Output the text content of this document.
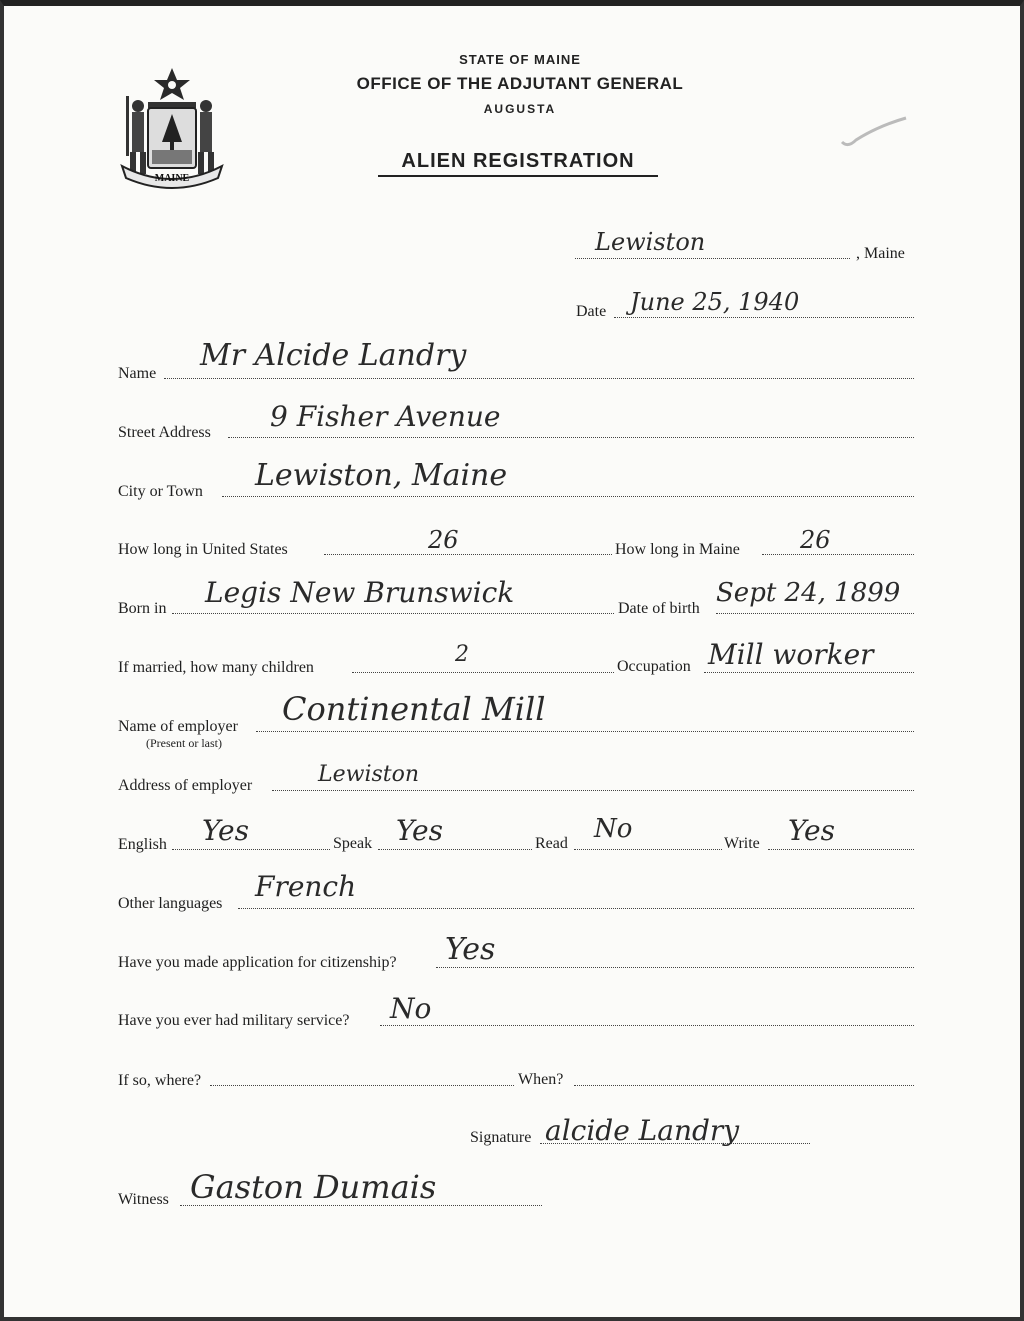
MAINE
STATE OF MAINE
OFFICE OF THE ADJUTANT GENERAL
AUGUSTA
ALIEN REGISTRATION
Lewiston	, Maine
Date June 25, 1940
Name
Mr Alcide Landry
Street Address 9 Fisher Avenue
City or Town Lewiston, Maine
How long in United States	26	How long in Maine	26
Born in Legis New Brunswick	Date of birth
Sept 24, 1899
If married, how many children
2	Occupation Mill worker
Name of employer
(Present or last)
Continental Mill
Address of employer	Lewiston
English Yes	Speak Yes	Read No	Write Yes
Other languages
French
Have you made application for citizenship? Yes
Have you ever had military service? No
If so, where?	When?
Signature alcide Landry
Witness Gaston Dumais
